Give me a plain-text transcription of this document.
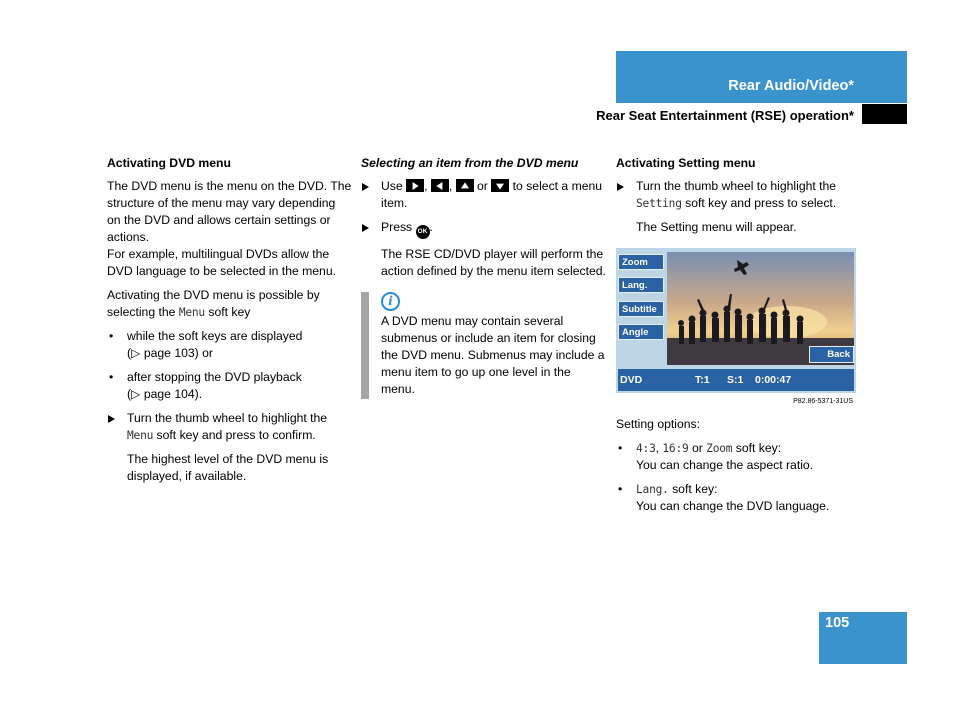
Rear Audio/Video*
Rear Seat Entertainment (RSE) operation*

Activating DVD menu

The DVD menu is the menu on the DVD. The structure of the menu may vary depending on the DVD and allows certain settings or actions.

For example, multilingual DVDs allow the DVD language to be selected in the menu.

Activating the DVD menu is possible by selecting the Menu soft key

• while the soft keys are displayed
(▷ page 103) or
• after stopping the DVD playback
(▷ page 104).
Turn the thumb wheel to highlight the Menu soft key and press to confirm.

The highest level of the DVD menu is displayed, if available.

Selecting an item from the DVD menu

Use , ,  or to select a menu item.
Press OK .

The RSE CD/DVD player will perform the action defined by the menu item selected.

i

A DVD menu may contain several submenus or include an item for closing the DVD menu. Submenus may include a menu item to go up one level in the menu.

Activating Setting menu

Turn the thumb wheel to highlight the Setting soft key and press to select.

The Setting menu will appear.

Zoom
Lang.
Subtitle
Angle
Back
DVD	T:1 S:1 0:00:47
P82.86-5371-31US

Setting options:

• 4:3, 16:9 or Zoom soft key:
You can change the aspect ratio.
• Lang. soft key:
You can change the DVD language.
105
